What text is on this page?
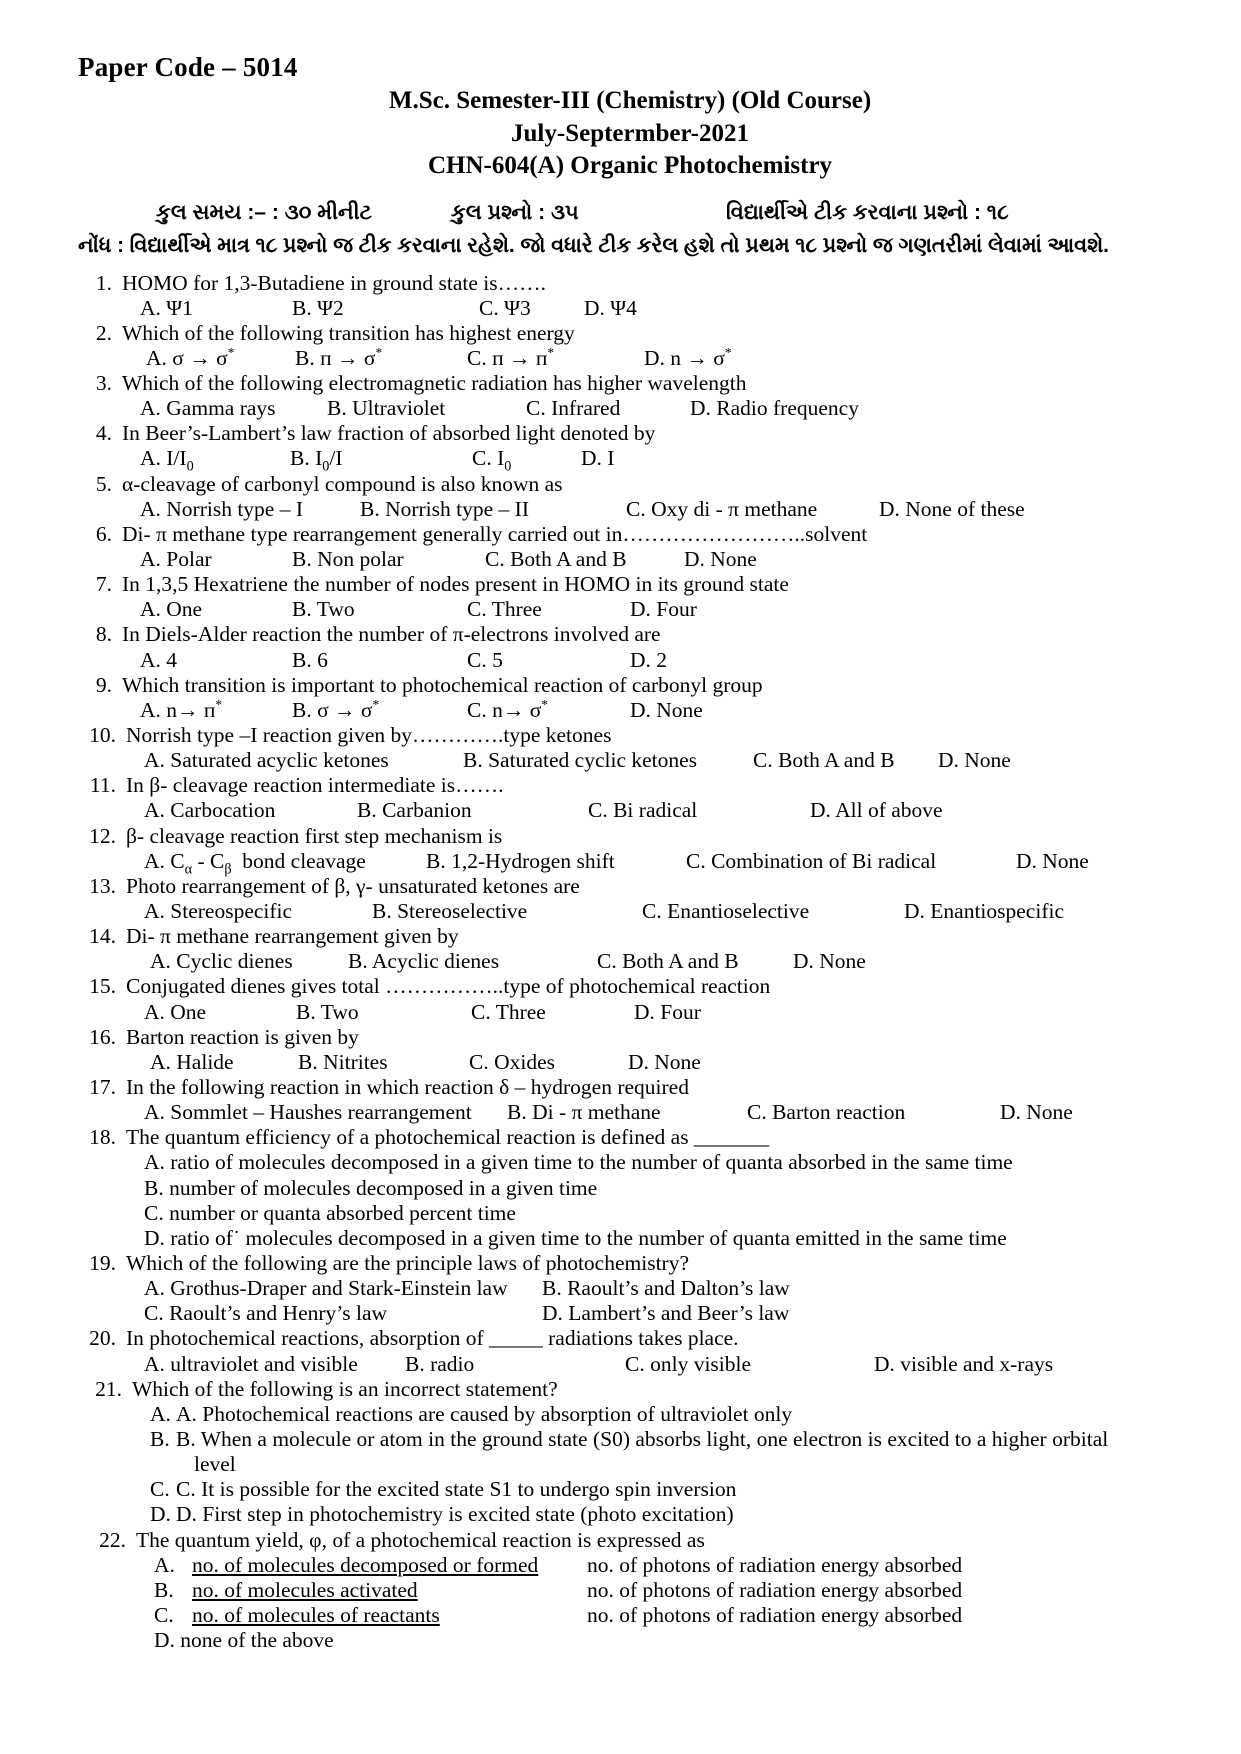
Paper Code – 5014
M.Sc. Semester-III (Chemistry) (Old Course)
July-Septermber-2021
CHN-604(A) Organic Photochemistry
કુલ સમય :– : ૩૦ મીનીટ	કુલ પ્રશ્નો : ૩૫	વિદ્યાર્થીએ ટીક કરવાના પ્રશ્નો : ૧૮
નોંધ : વિદ્યાર્થીએ માત્ર ૧૮ પ્રશ્નો જ ટીક કરવાના રહેશે. જો વધારે ટીક કરેલ હશે તો પ્રથમ ૧૮ પ્રશ્નો જ ગણતરીમાં લેવામાં આવશે.
1. HOMO for 1,3-Butadiene in ground state is…….
A. Ψ1	B. Ψ2	C. Ψ3 D. Ψ4
2. Which of the following transition has highest energy
A. σ → σ*	B. п → σ*	C. п → п*	D. n → σ*
3. Which of the following electromagnetic radiation has higher wavelength
A. Gamma rays B. Ultraviolet	C. Infrared	D. Radio frequency
4. In Beer’s-Lambert’s law fraction of absorbed light denoted by
A. $I/I_0$	B. $I_0/I$	C. $I_0$	D. I
5. α-cleavage of carbonyl compound is also known as
A. Norrish type – I	B. Norrish type – II	C. Oxy di - π methane	D. None of these
6. Di- π methane type rearrangement generally carried out in……………………..solvent
A. Polar	B. Non polar	C. Both A and B	D. None
7. In 1,3,5 Hexatriene the number of nodes present in HOMO in its ground state
A. One	B. Two	C. Three	D. Four
8. In Diels-Alder reaction the number of π-electrons involved are
A. 4	B. 6	C. 5	D. 2
9. Which transition is important to photochemical reaction of carbonyl group
A. n→ п*	B. σ → σ*	C. n→ σ*	D. None
10. Norrish type –I reaction given by………….type ketones
A. Saturated acyclic ketones	B. Saturated cyclic ketones	C. Both A and B D. None
11. In β- cleavage reaction intermediate is…….
A. Carbocation	B. Carbanion	C. Bi radical	D. All of above
12. β- cleavage reaction first step mechanism is
A. $C_\alpha - C_\beta$  bond cleavage	B. 1,2-Hydrogen shift	C. Combination of Bi radical	D. None
13. Photo rearrangement of β, γ- unsaturated ketones are
A. Stereospecific	B. Stereoselective	C. Enantioselective	D. Enantiospecific
14. Di- π methane rearrangement given by
A. Cyclic dienes	B. Acyclic dienes	C. Both A and B	D. None
15. Conjugated dienes gives total ……………..type of photochemical reaction
A. One	B. Two	C. Three	D. Four
16. Barton reaction is given by
A. Halide	B. Nitrites	C. Oxides	D. None
17. In the following reaction in which reaction δ – hydrogen required
A. Sommlet – Haushes rearrangement B. Di - π methane	C. Barton reaction	D. None
18. The quantum efficiency of a photochemical reaction is defined as _______
A. ratio of molecules decomposed in a given time to the number of quanta absorbed in the same time
B. number of molecules decomposed in a given time
C. number or quanta absorbed percent time
D. ratio of˙ molecules decomposed in a given time to the number of quanta emitted in the same time
19. Which of the following are the principle laws of photochemistry?
A. Grothus-Draper and Stark-Einstein law B. Raoult’s and Dalton’s law
C. Raoult’s and Henry’s law	D. Lambert’s and Beer’s law
20. In photochemical reactions, absorption of _____ radiations takes place.
A. ultraviolet and visible B. radio	C. only visible	D. visible and x-rays
21. Which of the following is an incorrect statement?
A. A. Photochemical reactions are caused by absorption of ultraviolet only
B. B. When a molecule or atom in the ground state (S0) absorbs light, one electron is excited to a higher orbital
level
C. C. It is possible for the excited state S1 to undergo spin inversion
D. D. First step in photochemistry is excited state (photo excitation)
22. The quantum yield, φ, of a photochemical reaction is expressed as
A. no. of molecules decomposed or formed no. of photons of radiation energy absorbed
B. no. of molecules activated	no. of photons of radiation energy absorbed
C.no. of molecules of reactants	no. of photons of radiation energy absorbed
D. none of the above
